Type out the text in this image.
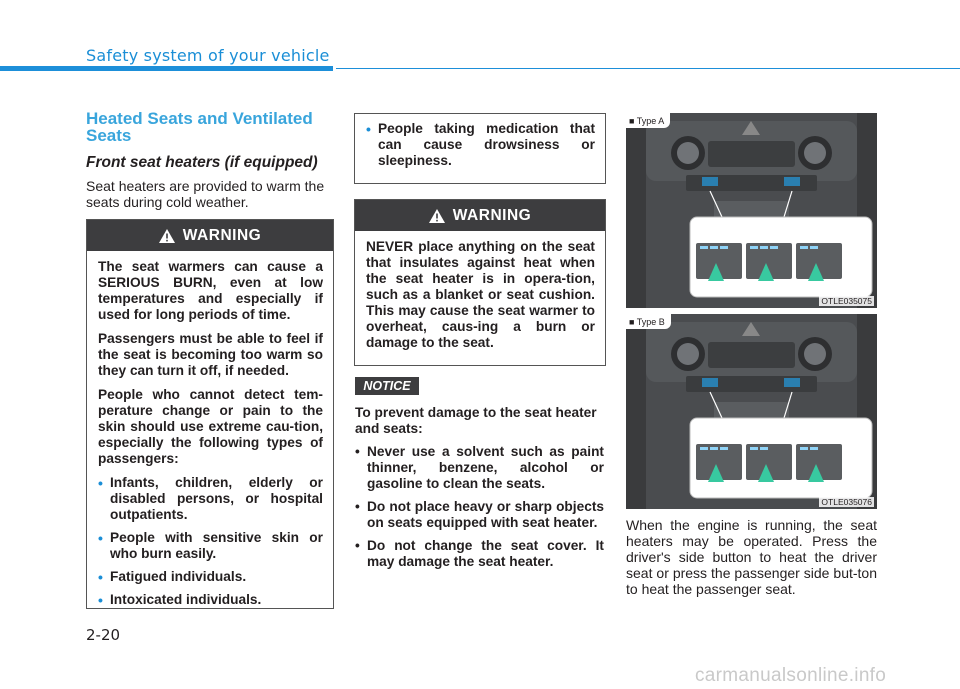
Safety system of your vehicle
Heated Seats and Ventilated Seats
Front seat heaters (if equipped)

Seat heaters are provided to warm the seats during cold weather.

WARNING

The seat warmers can cause a SERIOUS BURN, even at low temperatures and especially if used for long periods of time.

Passengers must be able to feel if the seat is becoming too warm so they can turn it off, if needed.

People who cannot detect tem-perature change or pain to the skin should use extreme cau-tion, especially the following types of passengers:

• Infants, children, elderly or disabled persons, or hospital outpatients.
• People with sensitive skin or who burn easily.
• Fatigued individuals.
• Intoxicated individuals.
• People taking medication that can cause drowsiness or sleepiness.
WARNING

NEVER place anything on the seat that insulates against heat when the seat heater is in opera-tion, such as a blanket or seat cushion. This may cause the seat warmer to overheat, caus-ing a burn or damage to the seat.

NOTICE

To prevent damage to the seat heater and seats:

• Never use a solvent such as paint thinner, benzene, alcohol or gasoline to clean the seats.
• Do not place heavy or sharp objects on seats equipped with seat heater.
• Do not change the seat cover. It may damage the seat heater.
■ Type A
OTLE035075
■ Type B
OTLE035076
When the engine is running, the seat heaters may be operated. Press the driver's side button to heat the driver seat or press the passenger side but-ton to heat the passenger seat.
2-20
carmanualsonline.info
